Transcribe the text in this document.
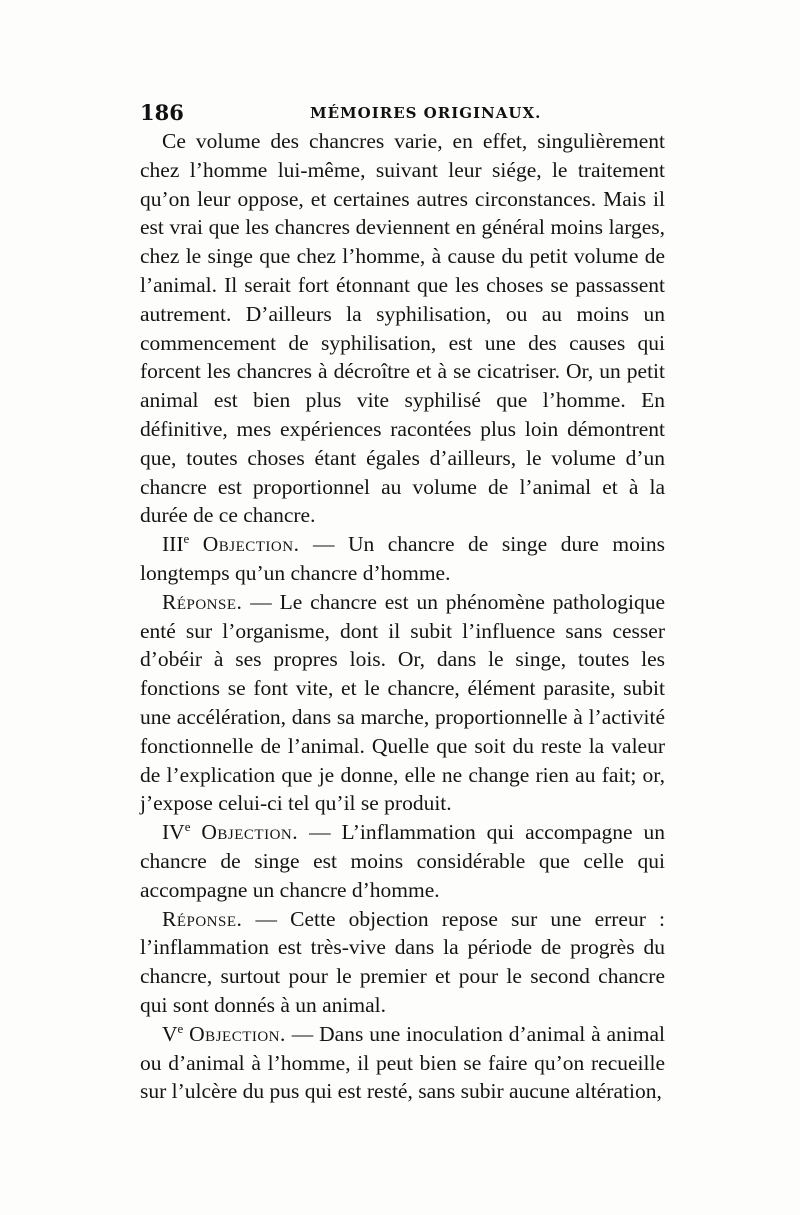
186	MÉMOIRES ORIGINAUX.

Ce volume des chancres varie, en effet, singulièrement chez l’homme lui-même, suivant leur siége, le traitement qu’on leur oppose, et certaines autres circonstances. Mais il est vrai que les chancres deviennent en général moins larges, chez le singe que chez l’homme, à cause du petit volume de l’animal. Il serait fort étonnant que les choses se passassent autrement. D’ailleurs la syphilisation, ou au moins un commencement de syphilisation, est une des causes qui forcent les chancres à décroître et à se cicatriser. Or, un petit animal est bien plus vite syphilisé que l’homme. En définitive, mes expériences racontées plus loin démontrent que, toutes choses étant égales d’ailleurs, le volume d’un chancre est proportionnel au volume de l’animal et à la durée de ce chancre.

IIIe Objection. — Un chancre de singe dure moins longtemps qu’un chancre d’homme.

Réponse. — Le chancre est un phénomène pathologique enté sur l’organisme, dont il subit l’influence sans cesser d’obéir à ses propres lois. Or, dans le singe, toutes les fonctions se font vite, et le chancre, élément parasite, subit une accélération, dans sa marche, proportionnelle à l’activité fonctionnelle de l’animal. Quelle que soit du reste la valeur de l’explication que je donne, elle ne change rien au fait; or, j’expose celui-ci tel qu’il se produit.

IVe Objection. — L’inflammation qui accompagne un chancre de singe est moins considérable que celle qui accompagne un chancre d’homme.

Réponse. — Cette objection repose sur une erreur : l’inflammation est très-vive dans la période de progrès du chancre, surtout pour le premier et pour le second chancre qui sont donnés à un animal.

Ve Objection. — Dans une inoculation d’animal à animal ou d’animal à l’homme, il peut bien se faire qu’on recueille sur l’ulcère du pus qui est resté, sans subir aucune altération,
